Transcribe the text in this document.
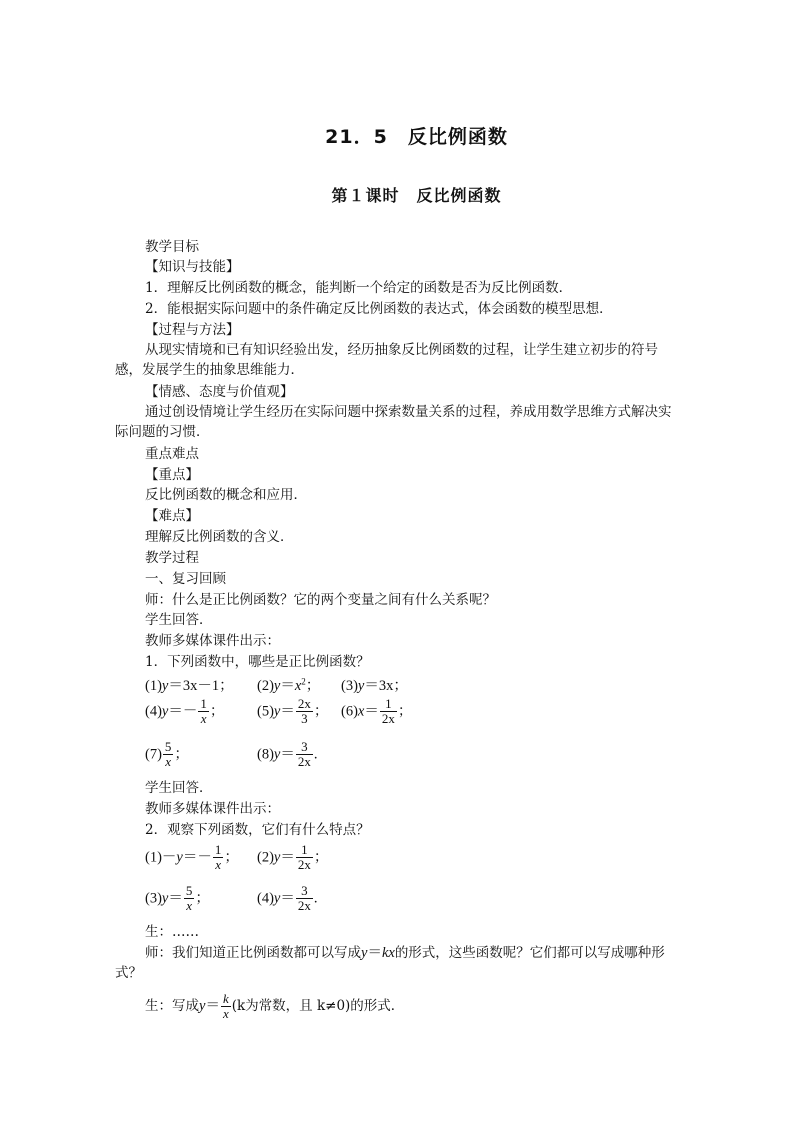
21．5　反比例函数
第１课时　反比例函数
教学目标
【知识与技能】
1．理解反比例函数的概念，能判断一个给定的函数是否为反比例函数．
2．能根据实际问题中的条件确定反比例函数的表达式，体会函数的模型思想．
【过程与方法】
从现实情境和已有知识经验出发，经历抽象反比例函数的过程，让学生建立初步的符号感，发展学生的抽象思维能力．
【情感、态度与价值观】
通过创设情境让学生经历在实际问题中探索数量关系的过程，养成用数学思维方式解决实际问题的习惯．
重点难点
【重点】
反比例函数的概念和应用．
【难点】
理解反比例函数的含义．
教学过程
一、复习回顾
师：什么是正比例函数？它的两个变量之间有什么关系呢？
学生回答．
教师多媒体课件出示：
1．下列函数中，哪些是正比例函数？
(1)y＝3x－1； $(2)y=x^2$； (3)y＝3x；
$(4)y=- \frac{1}{x}$ ； $(5)y= \frac{2x}{3}$ ； $(6)x= \frac{1}{2x}$ ；
$(7) \frac{5}{x}$ ；	$(8)y= \frac{3}{2x}$ .
学生回答．
教师多媒体课件出示：
2．观察下列函数，它们有什么特点？
$(1)-y=- \frac{1}{x}$ ； $(2)y= \frac{1}{2x}$ ；
$(3)y= \frac{5}{x}$ ；	$(4)y= \frac{3}{2x}$ .
生：……
师：我们知道正比例函数都可以写成y＝kx的形式，这些函数呢？它们都可以写成哪种形式？
生：写成$y= \frac{k}{x} (k$为常数，且 k≠0)的形式．
